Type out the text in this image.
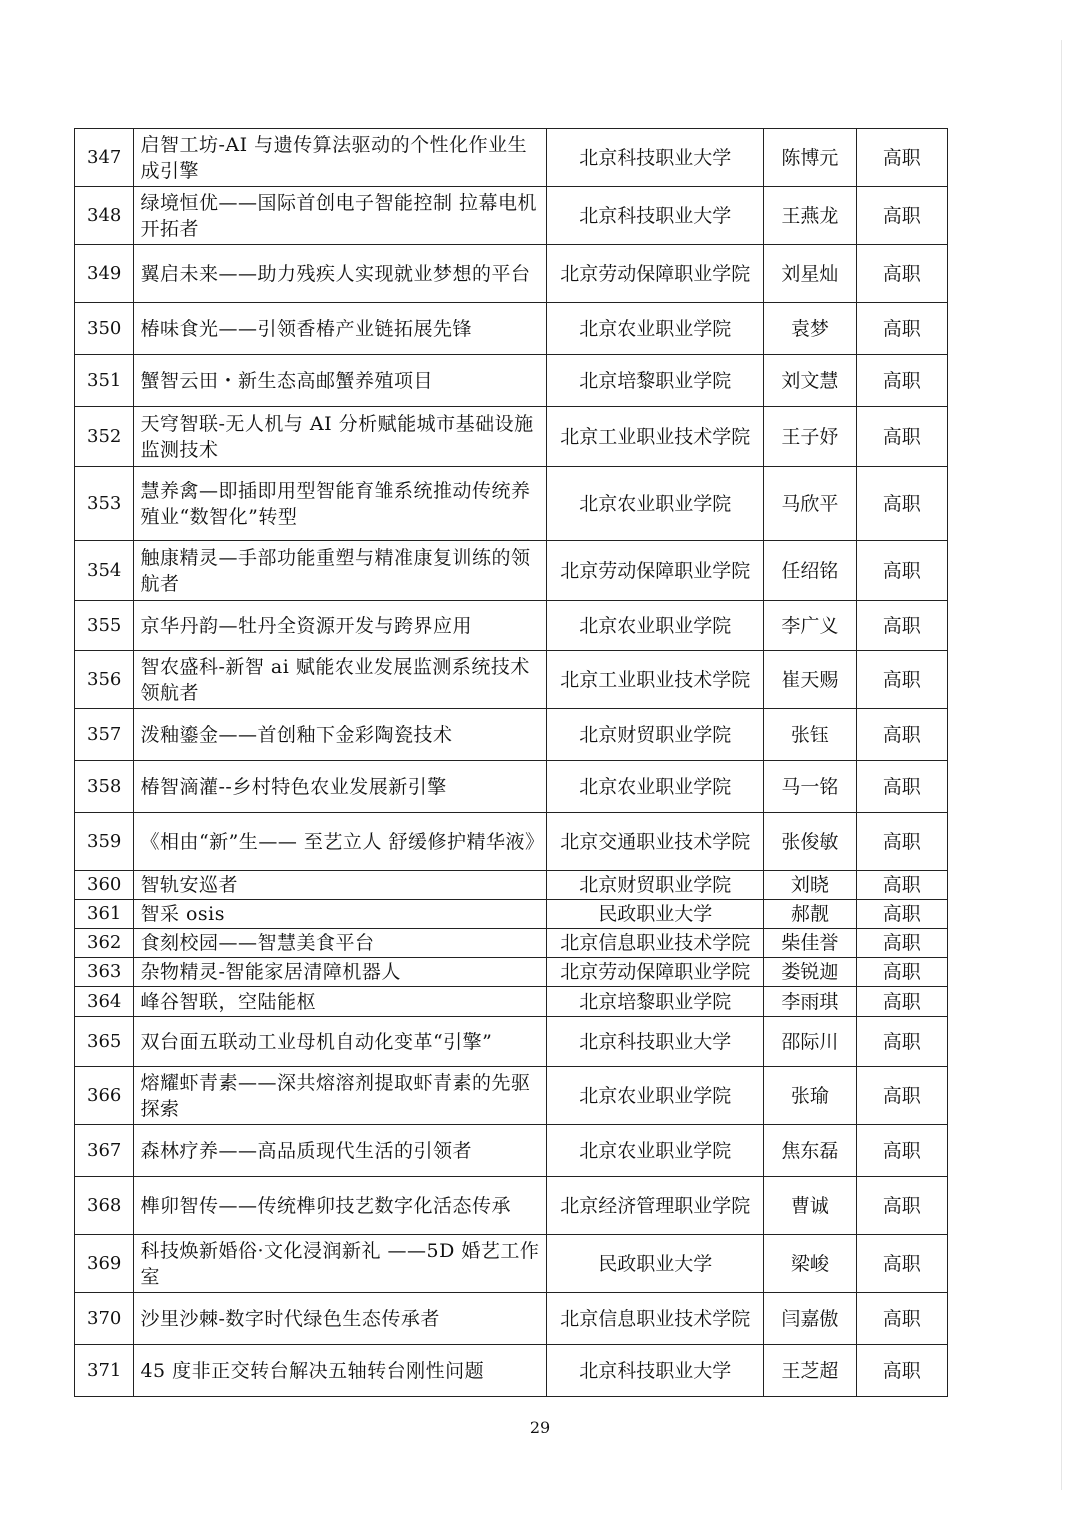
347	启智工坊-AI 与遗传算法驱动的个性化作业生成引擎	北京科技职业大学	陈博元	高职
348	绿境恒优——国际首创电子智能控制 拉幕电机开拓者	北京科技职业大学	王燕龙	高职
349	翼启未来——助力残疾人实现就业梦想的平台	北京劳动保障职业学院	刘星灿	高职
350	椿味食光——引领香椿产业链拓展先锋	北京农业职业学院	袁梦	高职
351	蟹智云田・新生态高邮蟹养殖项目	北京培黎职业学院	刘文慧	高职
352	天穹智联-无人机与 AI 分析赋能城市基础设施监测技术	北京工业职业技术学院	王子妤	高职
353	慧养禽—即插即用型智能育雏系统推动传统养殖业“数智化”转型	北京农业职业学院	马欣平	高职
354	触康精灵—手部功能重塑与精准康复训练的领航者	北京劳动保障职业学院	任绍铭	高职
355	京华丹韵—牡丹全资源开发与跨界应用	北京农业职业学院	李广义	高职
356	智农盛科-新智 ai 赋能农业发展监测系统技术领航者	北京工业职业技术学院	崔天赐	高职
357	泼釉鎏金——首创釉下金彩陶瓷技术	北京财贸职业学院	张钰	高职
358	椿智滴灌--乡村特色农业发展新引擎	北京农业职业学院	马一铭	高职
359	《相由“新”生—— 至艺立人 舒缓修护精华液》	北京交通职业技术学院	张俊敏	高职
360	智轨安巡者	北京财贸职业学院	刘晓	高职
361	智采 osis	民政职业大学	郝靓	高职
362	食刻校园——智慧美食平台	北京信息职业技术学院	柴佳誉	高职
363	杂物精灵-智能家居清障机器人	北京劳动保障职业学院	娄锐迦	高职
364	峰谷智联，空陆能枢	北京培黎职业学院	李雨琪	高职
365	双台面五联动工业母机自动化变革“引擎”	北京科技职业大学	邵际川	高职
366	熔耀虾青素——深共熔溶剂提取虾青素的先驱探索	北京农业职业学院	张瑜	高职
367	森林疗养——高品质现代生活的引领者	北京农业职业学院	焦东磊	高职
368	榫卯智传——传统榫卯技艺数字化活态传承	北京经济管理职业学院	曹诚	高职
369	科技焕新婚俗·文化浸润新礼 ——5D 婚艺工作室	民政职业大学	梁峻	高职
370	沙里沙棘-数字时代绿色生态传承者	北京信息职业技术学院	闫嘉傲	高职
371	45 度非正交转台解决五轴转台刚性问题	北京科技职业大学	王芝超	高职
29
